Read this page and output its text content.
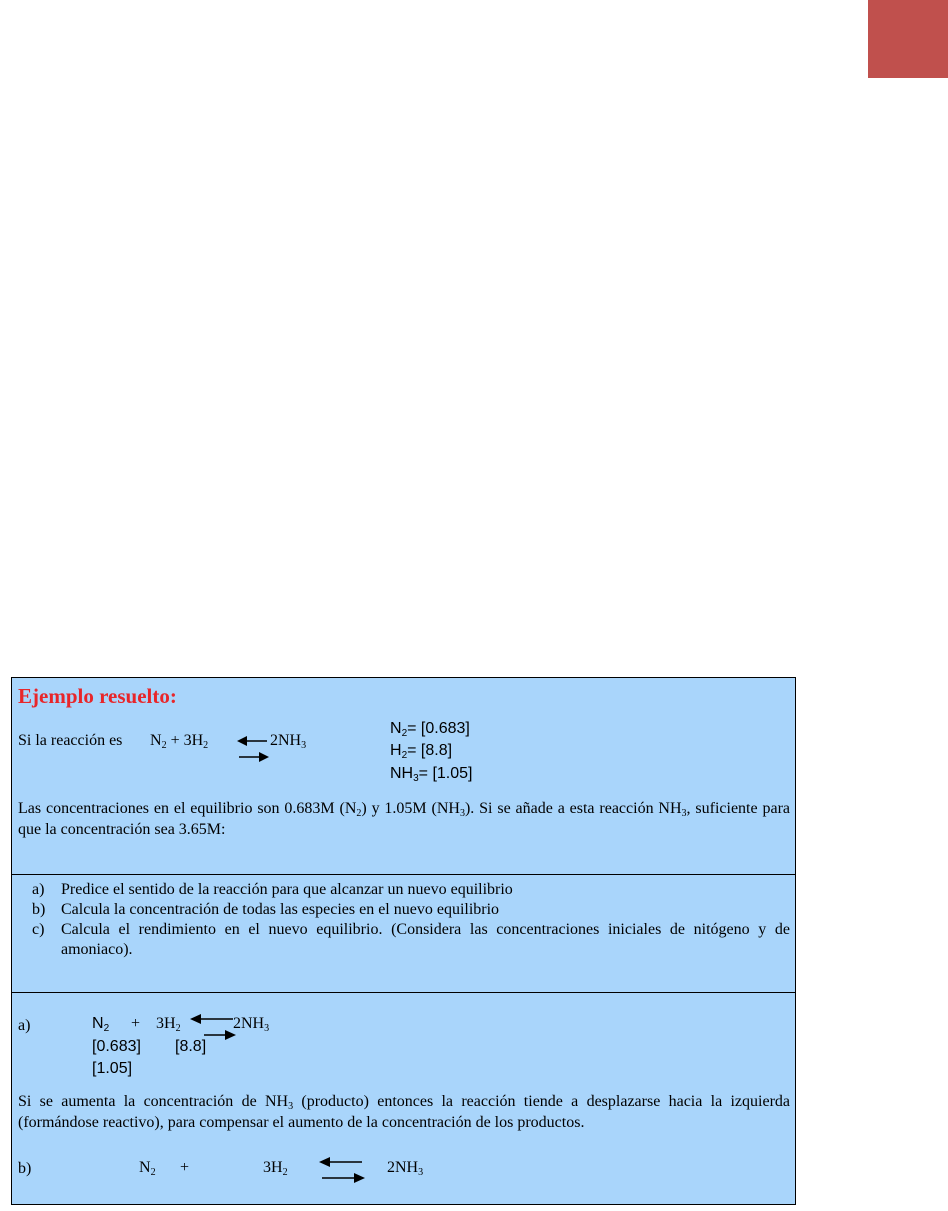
Ejemplo resuelto:
Si la reacción es $N_2 + 3H_2$ ⇌ $2NH_3$
$N_2= [0.683]$
$H_2= [8.8]$
$NH_3= [1.05]$
Las concentraciones en el equilibrio son 0.683M $(N_2)$ y 1.05M $(NH_3)$. Si se añade a esta reacción $NH_3$, suficiente para que la concentración sea 3.65M:
a) Predice el sentido de la reacción para que alcanzar un nuevo equilibrio
b) Calcula la concentración de todas las especies en el nuevo equilibrio
c) Calcula el rendimiento en el nuevo equilibrio. (Considera las concentraciones iniciales de nitógeno y de amoniaco).
a)	$N_2 + 3H_2$ ⇌
$2NH_3$
[0.683] [8.8]
[1.05]
Si se aumenta la concentración de $NH_3$ (producto) entonces la reacción tiende a desplazarse hacia la izquierda (formándose reactivo), para compensar el aumento de la concentración de los productos.
b)	$N_2$ +	$3H_2$ ⇌ $2NH_3$
